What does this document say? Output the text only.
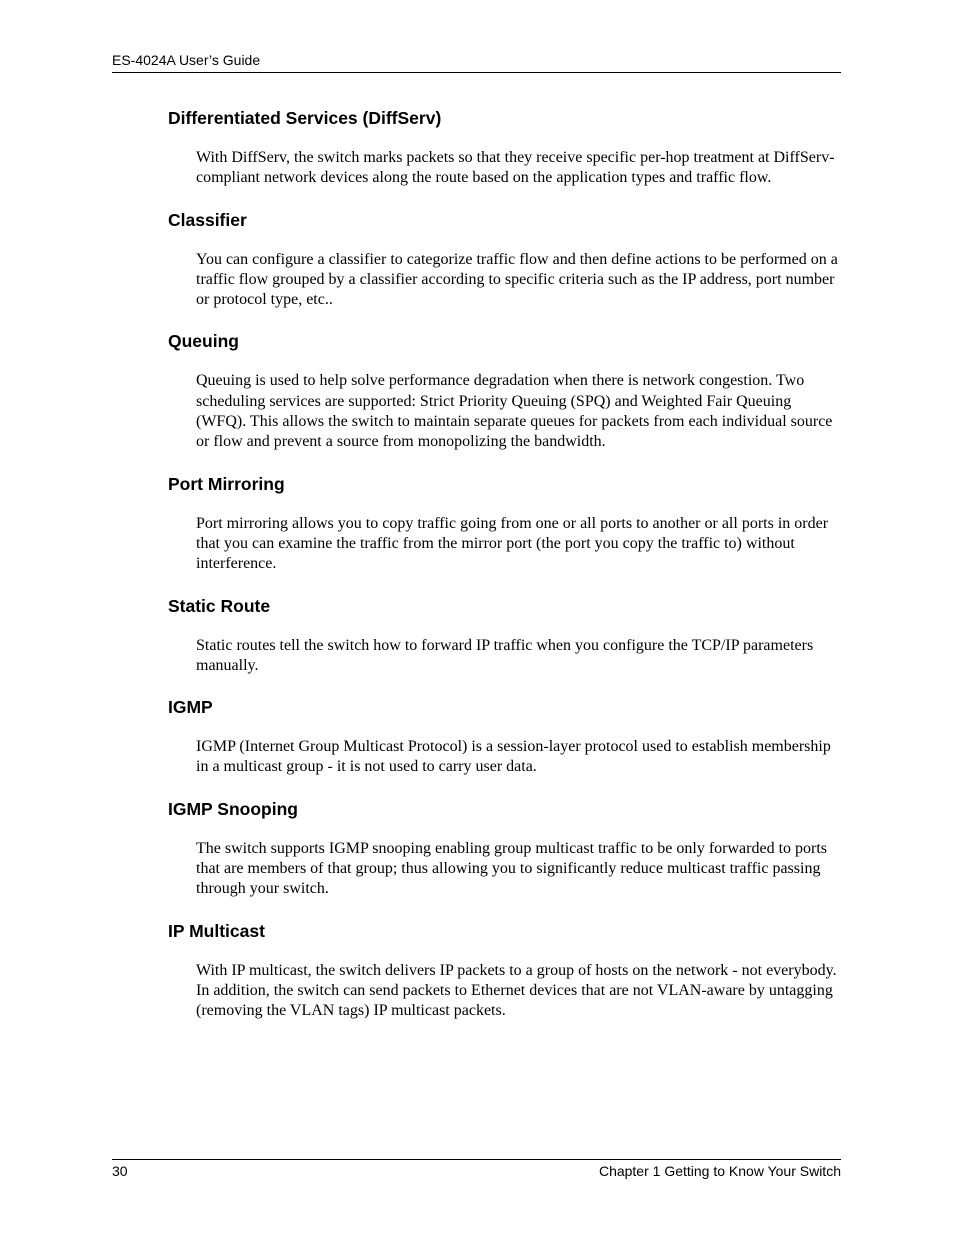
ES-4024A User’s Guide
Differentiated Services (DiffServ)

With DiffServ, the switch marks packets so that they receive specific per-hop treatment at DiffServ-compliant network devices along the route based on the application types and traffic flow.

Classifier

You can configure a classifier to categorize traffic flow and then define actions to be performed on a traffic flow grouped by a classifier according to specific criteria such as the IP address, port number or protocol type, etc..

Queuing

Queuing is used to help solve performance degradation when there is network congestion. Two scheduling services are supported: Strict Priority Queuing (SPQ) and Weighted Fair Queuing (WFQ). This allows the switch to maintain separate queues for packets from each individual source or flow and prevent a source from monopolizing the bandwidth.

Port Mirroring

Port mirroring allows you to copy traffic going from one or all ports to another or all ports in order that you can examine the traffic from the mirror port (the port you copy the traffic to) without interference.

Static Route

Static routes tell the switch how to forward IP traffic when you configure the TCP/IP parameters manually.

IGMP

IGMP (Internet Group Multicast Protocol) is a session-layer protocol used to establish membership in a multicast group - it is not used to carry user data.

IGMP Snooping

The switch supports IGMP snooping enabling group multicast traffic to be only forwarded to ports that are members of that group; thus allowing you to significantly reduce multicast traffic passing through your switch.

IP Multicast

With IP multicast, the switch delivers IP packets to a group of hosts on the network - not everybody. In addition, the switch can send packets to Ethernet devices that are not VLAN-aware by untagging (removing the VLAN tags) IP multicast packets.

30	Chapter 1 Getting to Know Your Switch
